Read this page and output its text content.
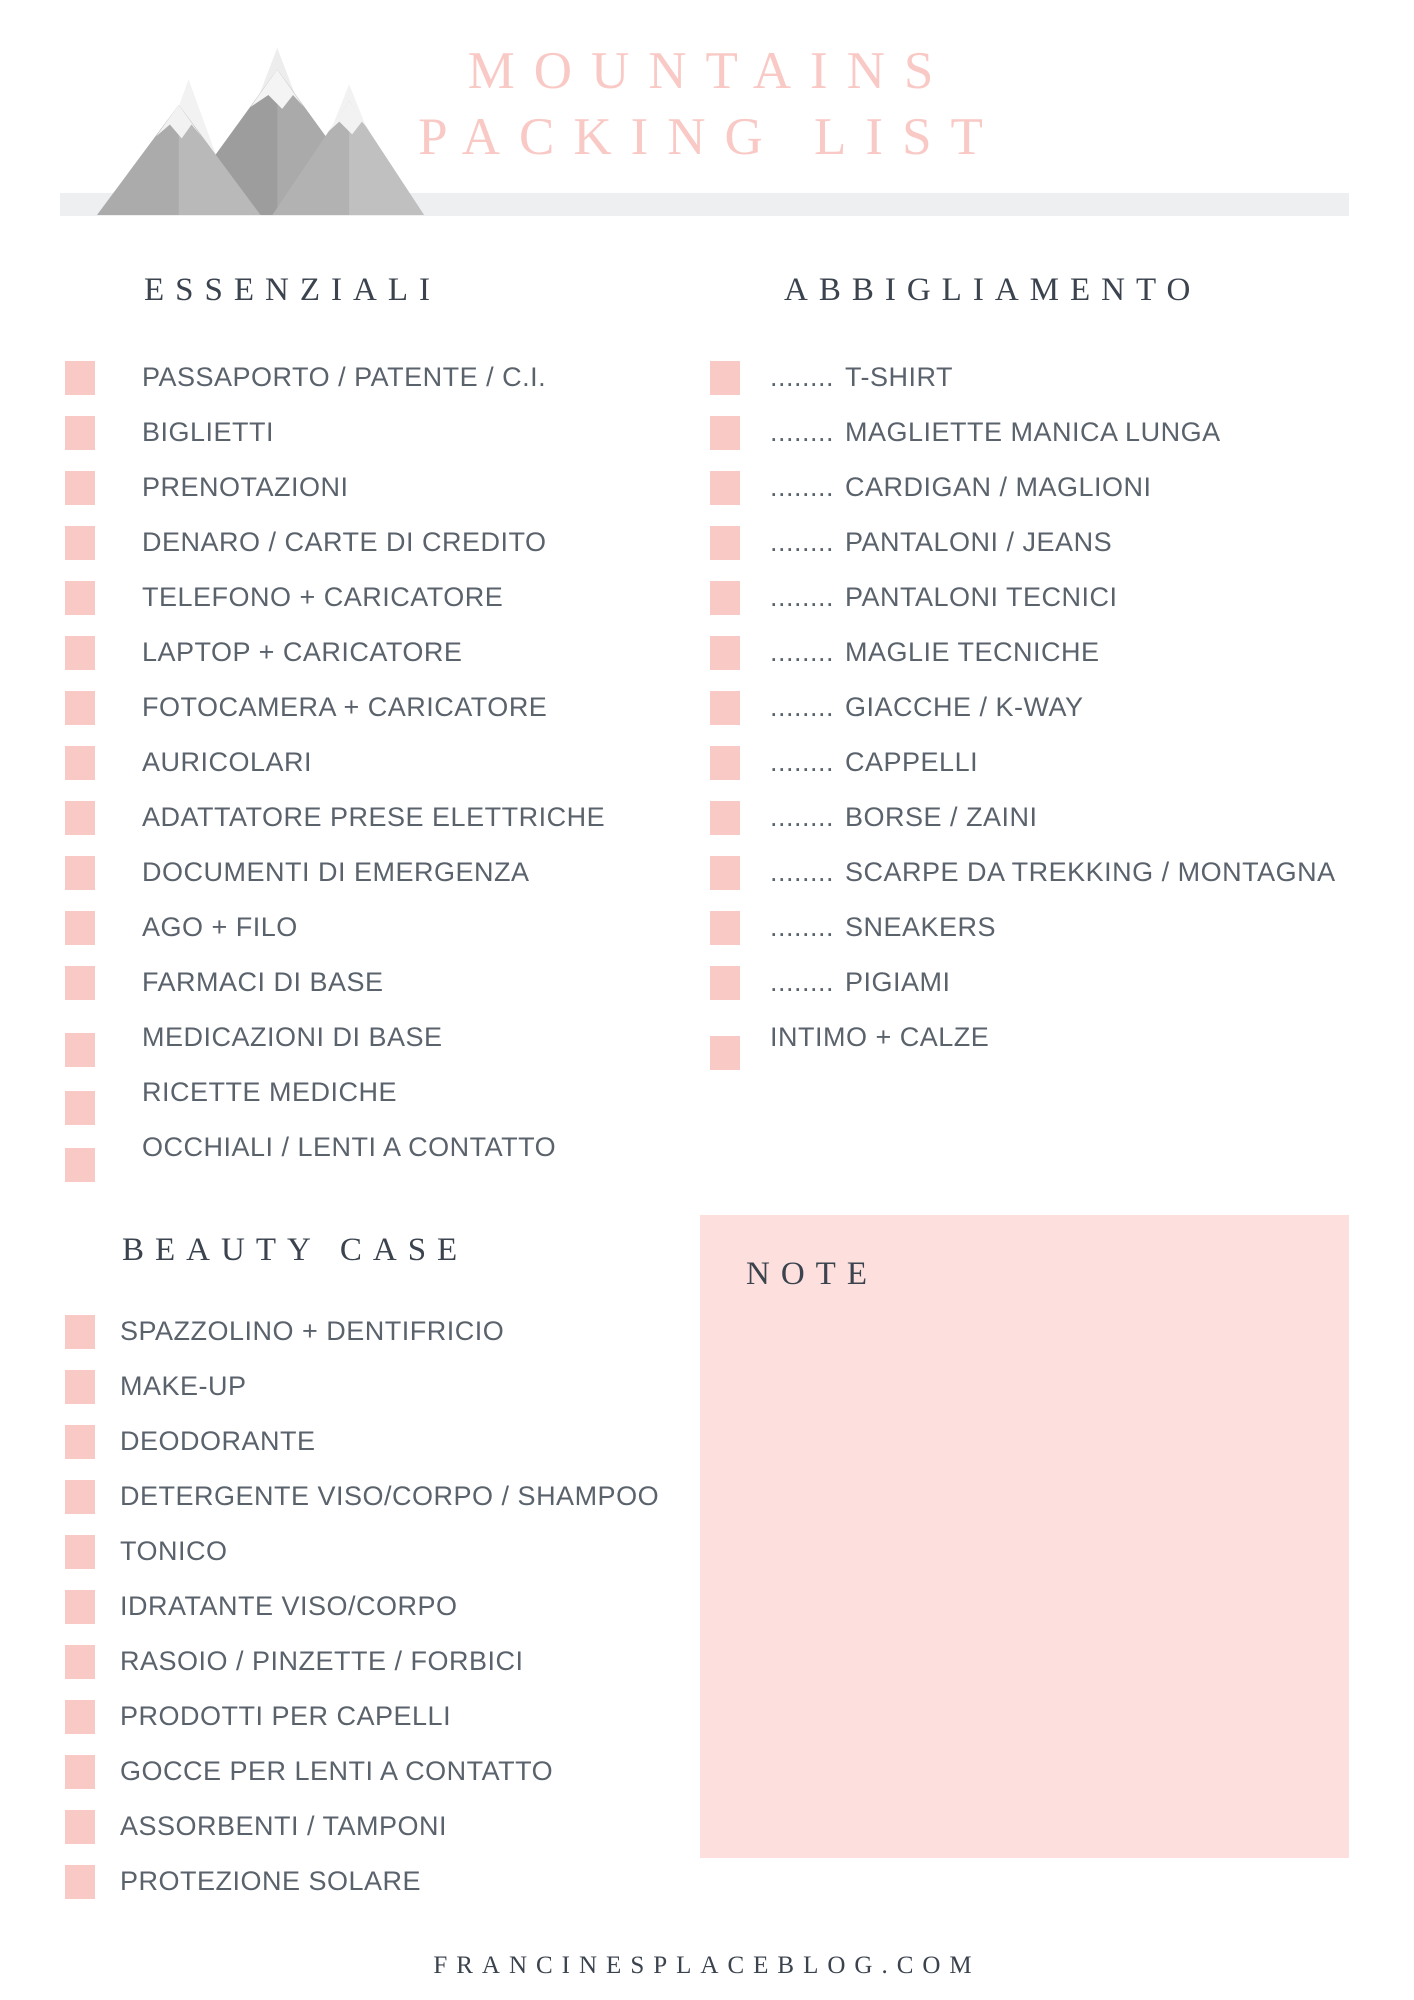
MOUNTAINS
PACKING LIST
ESSENZIALI	ABBIGLIAMENTO
BEAUTY CASE
PASSAPORTO / PATENTE / C.I.
BIGLIETTI
PRENOTAZIONI
DENARO / CARTE DI CREDITO
TELEFONO + CARICATORE
LAPTOP + CARICATORE
FOTOCAMERA + CARICATORE
AURICOLARI
ADATTATORE PRESE ELETTRICHE
DOCUMENTI DI EMERGENZA
AGO + FILO
FARMACI DI BASE
MEDICAZIONI DI BASE
RICETTE MEDICHE
OCCHIALI / LENTI A CONTATTO
........ T-SHIRT
........ MAGLIETTE MANICA LUNGA
........ CARDIGAN / MAGLIONI
........ PANTALONI / JEANS
........ PANTALONI TECNICI
........ MAGLIE TECNICHE
........ GIACCHE / K-WAY
........ CAPPELLI
........ BORSE / ZAINI
........ SCARPE DA TREKKING / MONTAGNA
........ SNEAKERS
........ PIGIAMI
INTIMO + CALZE
SPAZZOLINO + DENTIFRICIO
MAKE-UP
DEODORANTE
DETERGENTE VISO/CORPO / SHAMPOO
TONICO
IDRATANTE VISO/CORPO
RASOIO / PINZETTE / FORBICI
PRODOTTI PER CAPELLI
GOCCE PER LENTI A CONTATTO
ASSORBENTI / TAMPONI
PROTEZIONE SOLARE
NOTE
FRANCINESPLACEBLOG.COM
